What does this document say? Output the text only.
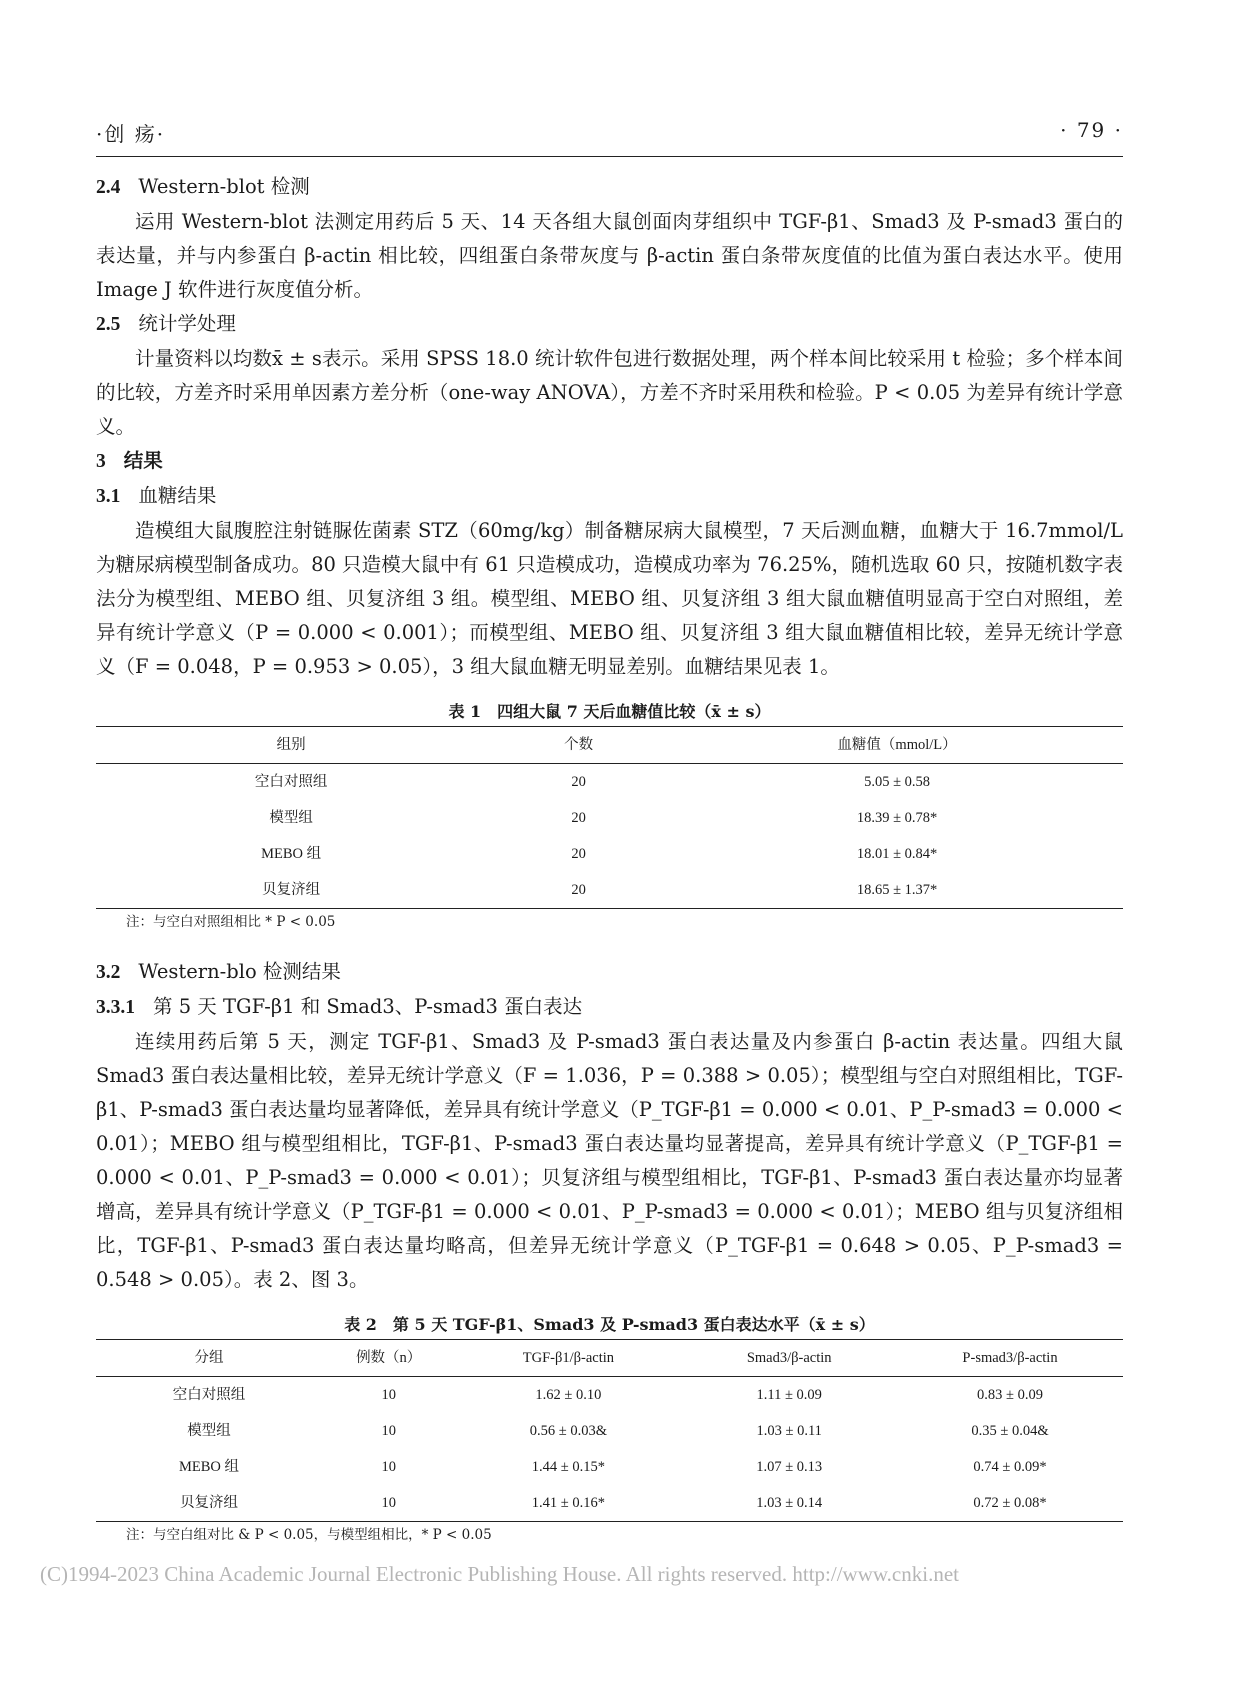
·创 疡·	· 79 ·

2.4 Western-blot 检测

运用 Western-blot 法测定用药后 5 天、14 天各组大鼠创面肉芽组织中 TGF-β1、Smad3 及 P-smad3 蛋白的表达量，并与内参蛋白 β-actin 相比较，四组蛋白条带灰度与 β-actin 蛋白条带灰度值的比值为蛋白表达水平。使用 Image J 软件进行灰度值分析。

2.5 统计学处理

计量资料以均数x̄ ± s表示。采用 SPSS 18.0 统计软件包进行数据处理，两个样本间比较采用 t 检验；多个样本间的比较，方差齐时采用单因素方差分析（one-way ANOVA），方差不齐时采用秩和检验。P < 0.05 为差异有统计学意义。

3 结果

3.1 血糖结果

造模组大鼠腹腔注射链脲佐菌素 STZ（60mg/kg）制备糖尿病大鼠模型，7 天后测血糖，血糖大于 16.7mmol/L 为糖尿病模型制备成功。80 只造模大鼠中有 61 只造模成功，造模成功率为 76.25%，随机选取 60 只，按随机数字表法分为模型组、MEBO 组、贝复济组 3 组。模型组、MEBO 组、贝复济组 3 组大鼠血糖值明显高于空白对照组，差异有统计学意义（P = 0.000 < 0.001）；而模型组、MEBO 组、贝复济组 3 组大鼠血糖值相比较，差异无统计学意义（F = 0.048，P = 0.953 > 0.05），3 组大鼠血糖无明显差别。血糖结果见表 1。

表 1　四组大鼠 7 天后血糖值比较（x̄ ± s）

组别	个数	血糖值（mmol/L）
空白对照组	20	5.05 ± 0.58
模型组	20	18.39 ± 0.78*
MEBO 组	20	18.01 ± 0.84*
贝复济组	20	18.65 ± 1.37*

注：与空白对照组相比 * P < 0.05

3.2 Western-blo 检测结果

3.3.1 第 5 天 TGF-β1 和 Smad3、P-smad3 蛋白表达

连续用药后第 5 天，测定 TGF-β1、Smad3 及 P-smad3 蛋白表达量及内参蛋白 β-actin 表达量。四组大鼠 Smad3 蛋白表达量相比较，差异无统计学意义（F = 1.036，P = 0.388 > 0.05）；模型组与空白对照组相比，TGF-β1、P-smad3 蛋白表达量均显著降低，差异具有统计学意义（P_TGF-β1 = 0.000 < 0.01、P_P-smad3 = 0.000 < 0.01）；MEBO 组与模型组相比，TGF-β1、P-smad3 蛋白表达量均显著提高，差异具有统计学意义（P_TGF-β1 = 0.000 < 0.01、P_P-smad3 = 0.000 < 0.01）；贝复济组与模型组相比，TGF-β1、P-smad3 蛋白表达量亦均显著增高，差异具有统计学意义（P_TGF-β1 = 0.000 < 0.01、P_P-smad3 = 0.000 < 0.01）；MEBO 组与贝复济组相比，TGF-β1、P-smad3 蛋白表达量均略高，但差异无统计学意义（P_TGF-β1 = 0.648 > 0.05、P_P-smad3 = 0.548 > 0.05）。表 2、图 3。

表 2　第 5 天 TGF-β1、Smad3 及 P-smad3 蛋白表达水平（x̄ ± s）

分组	例数（n）	TGF-β1/β-actin	Smad3/β-actin	P-smad3/β-actin
空白对照组	10	1.62 ± 0.10	1.11 ± 0.09	0.83 ± 0.09
模型组	10	0.56 ± 0.03&	1.03 ± 0.11	0.35 ± 0.04&
MEBO 组	10	1.44 ± 0.15*	1.07 ± 0.13	0.74 ± 0.09*
贝复济组	10	1.41 ± 0.16*	1.03 ± 0.14	0.72 ± 0.08*

注：与空白组对比 & P < 0.05，与模型组相比，* P < 0.05

(C)1994-2023 China Academic Journal Electronic Publishing House. All rights reserved. http://www.cnki.net
